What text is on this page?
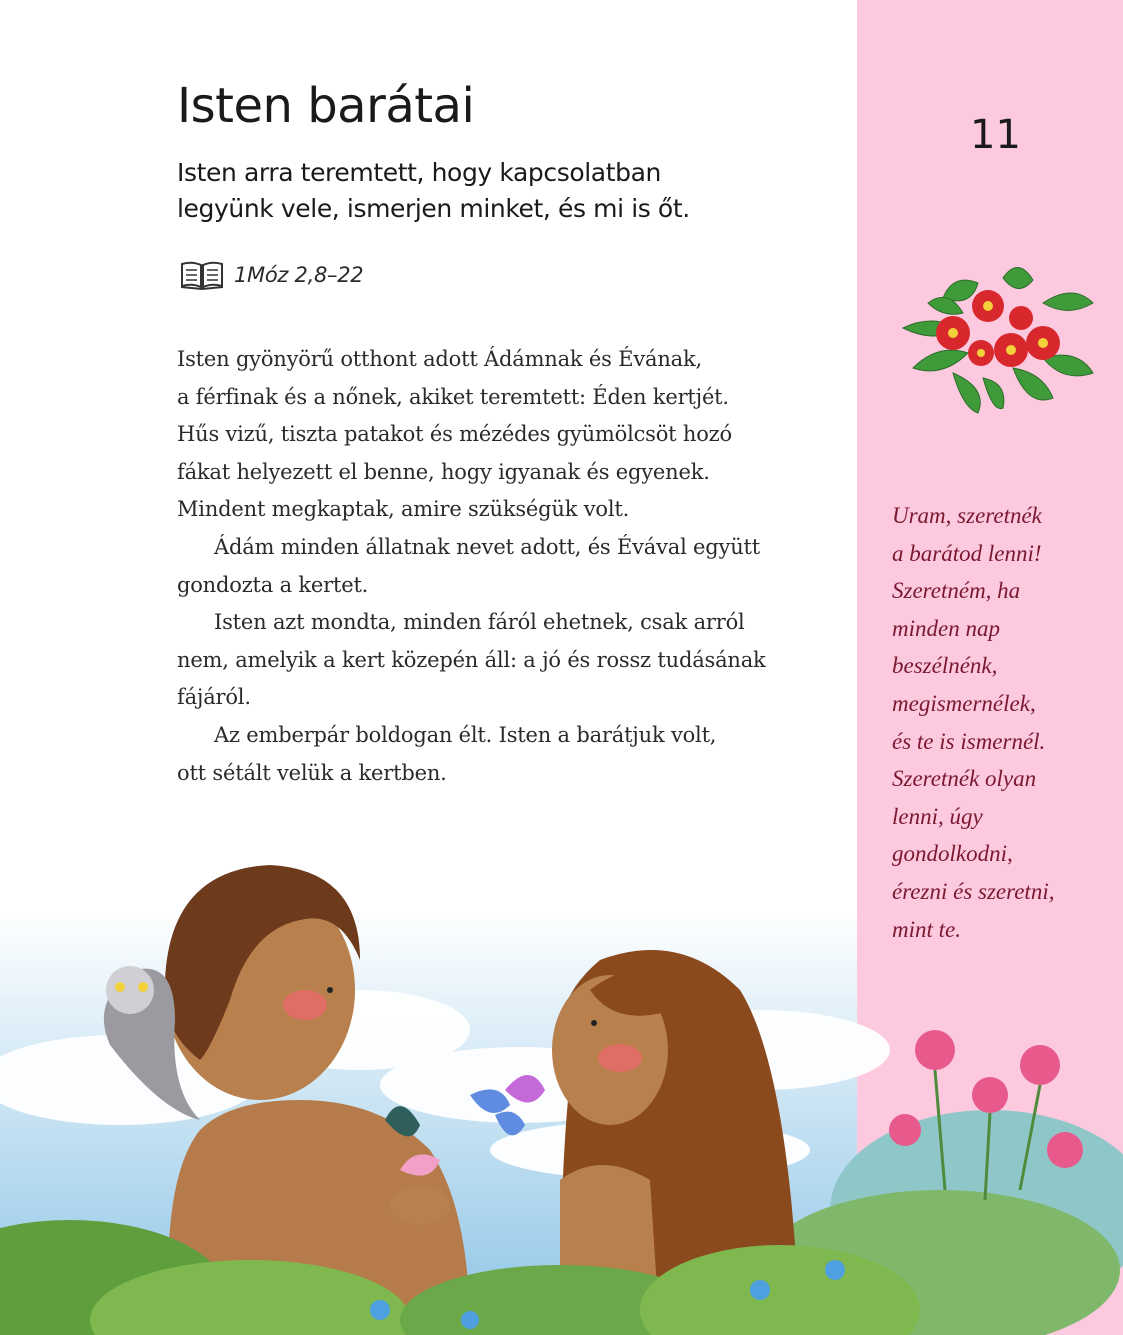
11
Uram, szeretnék
a barátod lenni!
Szeretném, ha
minden nap
beszélnénk,
megismernélek,
és te is ismernél.
Szeretnék olyan
lenni, úgy
gondolkodni,
érezni és szeretni,
mint te.
Isten barátai
Isten arra teremtett, hogy kapcsolatban
legyünk vele, ismerjen minket, és mi is őt.
1Móz 2,8–22
Isten gyönyörű otthont adott Ádámnak és Évának,
a férfinak és a nőnek, akiket teremtett: Éden kertjét.
Hűs vizű, tiszta patakot és mézédes gyümölcsöt hozó
fákat helyezett el benne, hogy igyanak és egyenek.
Mindent megkaptak, amire szükségük volt.
Ádám minden állatnak nevet adott, és Évával együtt
gondozta a kertet.
Isten azt mondta, minden fáról ehetnek, csak arról
nem, amelyik a kert közepén áll: a jó és rossz tudásának
fájáról.
Az emberpár boldogan élt. Isten a barátjuk volt,
ott sétált velük a kertben.
